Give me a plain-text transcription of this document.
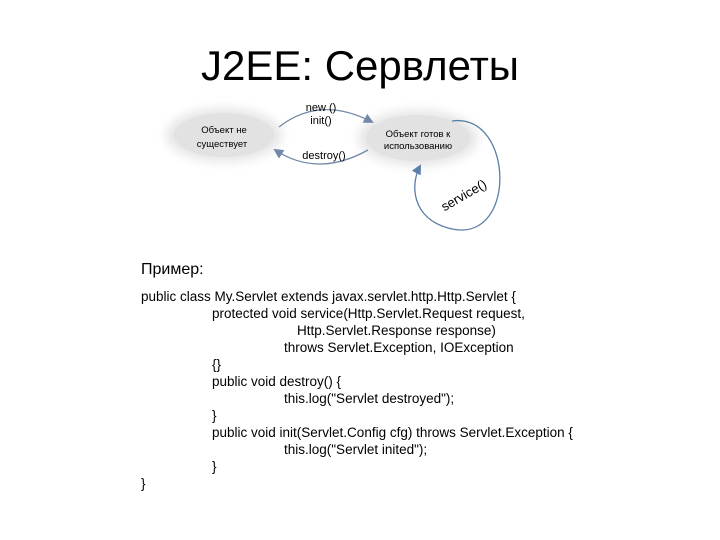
J2EE: Сервлеты
Объект не
существует
Объект готов к
использованию
new ()
init()
destroy()
service()
Пример:
public class My.Servlet extends javax.servlet.http.Http.Servlet {
protected void service(Http.Servlet.Request request,
Http.Servlet.Response response)
throws Servlet.Exception, IOException
{}
public void destroy() {
this.log("Servlet destroyed");
}
public void init(Servlet.Config cfg) throws Servlet.Exception {
this.log("Servlet inited");
}
}
